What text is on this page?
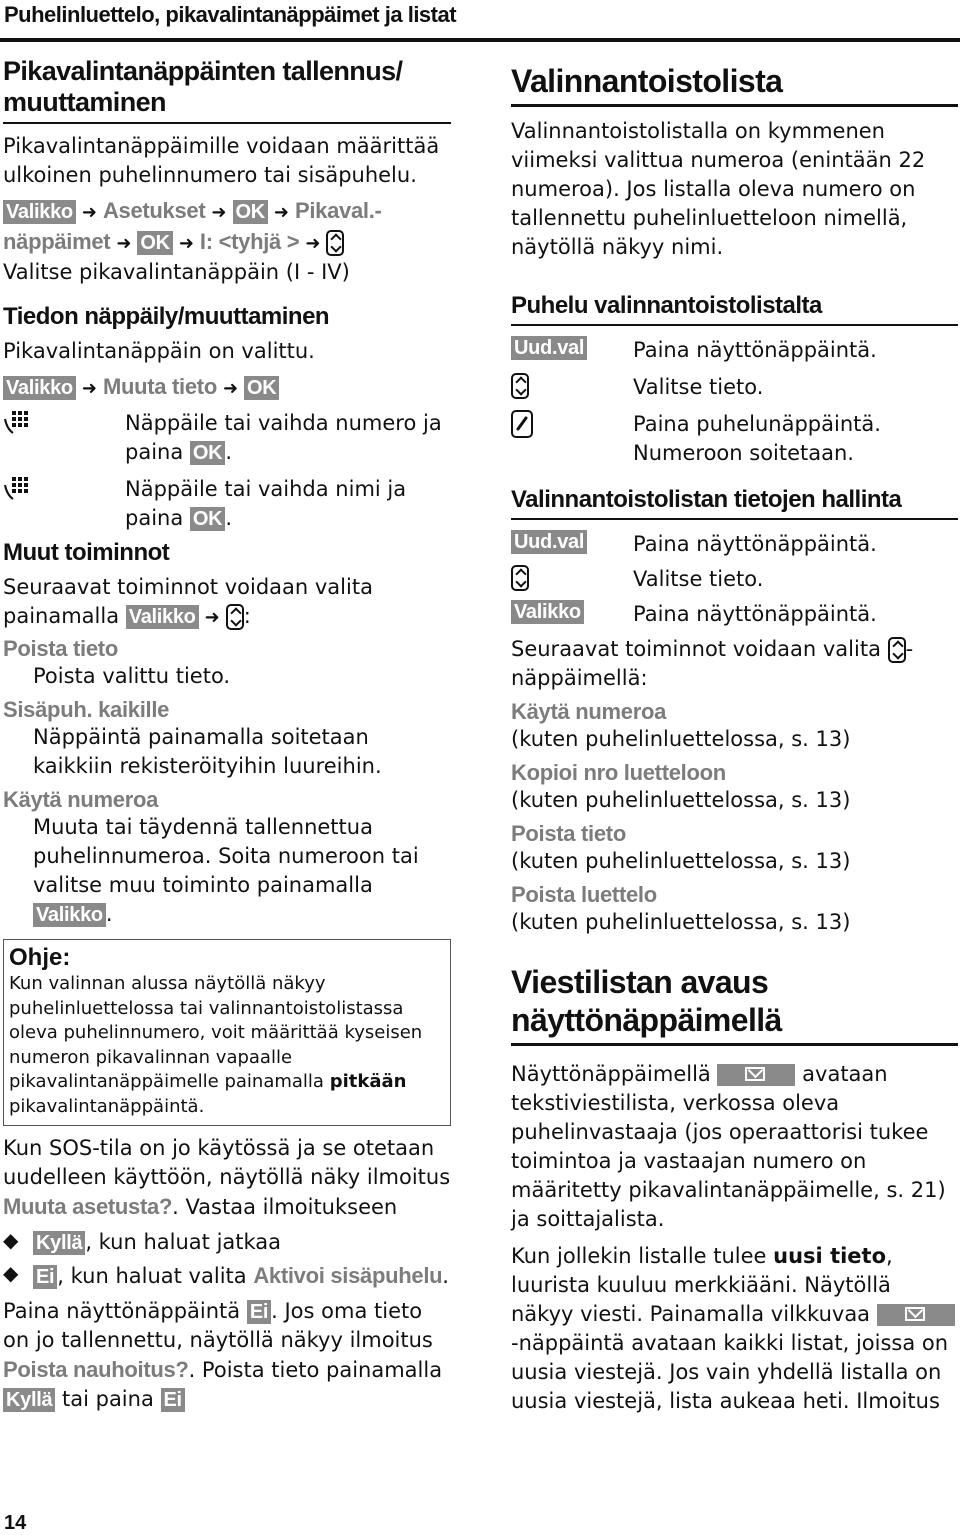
Puhelinluettelo, pikavalintanäppäimet ja listat
Pikavalintanäppäinten tallennus/ muuttaminen

Pikavalintanäppäimille voidaan määrittää ulkoinen puhelinnumero tai sisäpuhelu.

Valikko ➜ Asetukset ➜ OK ➜ Pikaval.-
näppäimet ➜ OK ➜ I: <tyhjä > ➜
Valitse pikavalintanäppäin (I - IV)

Tiedon näppäily/muuttaminen

Pikavalintanäppäin on valittu.

Valikko ➜ Muuta tieto ➜ OK

Näppäile tai vaihda numero ja paina OK .

Näppäile tai vaihda nimi ja paina OK .

Muut toiminnot

Seuraavat toiminnot voidaan valita painamalla Valikko ➜ :

Poista tieto

Poista valittu tieto.

Sisäpuh. kaikille

Näppäintä painamalla soitetaan kaikkiin rekisteröityihin luureihin.

Käytä numeroa

Muuta tai täydennä tallennettua puhelinnumeroa. Soita numeroon tai valitse muu toiminto painamalla Valikko .

Ohje:

Kun valinnan alussa näytöllä näkyy puhelinluettelossa tai valinnantoistolistassa oleva puhelinnumero, voit määrittää kyseisen numeron pikavalinnan vapaalle pikavalintanäppäimelle painamalla pitkään pikavalintanäppäintä.

Kun SOS-tila on jo käytössä ja se otetaan uudelleen käyttöön, näytöllä näky ilmoitus Muuta asetusta?. Vastaa ilmoitukseen

◆ Kyllä , kun haluat jatkaa

◆ Ei , kun haluat valita Aktivoi sisäpuhelu.

Paina näyttönäppäintä Ei . Jos oma tieto on jo tallennettu, näytöllä näkyy ilmoitus Poista nauhoitus?. Poista tieto painamalla
Kyllä tai paina Ei

Valinnantoistolista

Valinnantoistolistalla on kymmenen viimeksi valittua numeroa (enintään 22 numeroa). Jos listalla oleva numero on tallennettu puhelinluetteloon nimellä, näytöllä näkyy nimi.

Puhelu valinnantoistolistalta
Uud.val	Paina näyttönäppäintä.

Valitse tieto.

Paina puhelunäppäintä. Numeroon soitetaan.

Valinnantoistolistan tietojen hallinta
Uud.val	Paina näyttönäppäintä.

Valitse tieto.

Valikko	Paina näyttönäppäintä.

Seuraavat toiminnot voidaan valita -
näppäimellä:

Käytä numeroa

(kuten puhelinluettelossa, s. 13)

Kopioi nro luetteloon

(kuten puhelinluettelossa, s. 13)

Poista tieto

(kuten puhelinluettelossa, s. 13)

Poista luettelo

(kuten puhelinluettelossa, s. 13)

Viestilistan avaus
näyttönäppäimellä

Näyttönäppäimellä	avataan tekstiviestilista, verkossa oleva puhelinvastaaja (jos operaattorisi tukee toimintoa ja vastaajan numero on määritetty pikavalintanäppäimelle, s. 21) ja soittajalista.

Kun jollekin listalle tulee uusi tieto, luurista kuuluu merkkiääni. Näytöllä näkyy viesti. Painamalla vilkkuvaa
-näppäintä avataan kaikki listat, joissa on uusia viestejä. Jos vain yhdellä listalla on uusia viestejä, lista aukeaa heti. Ilmoitus

14
